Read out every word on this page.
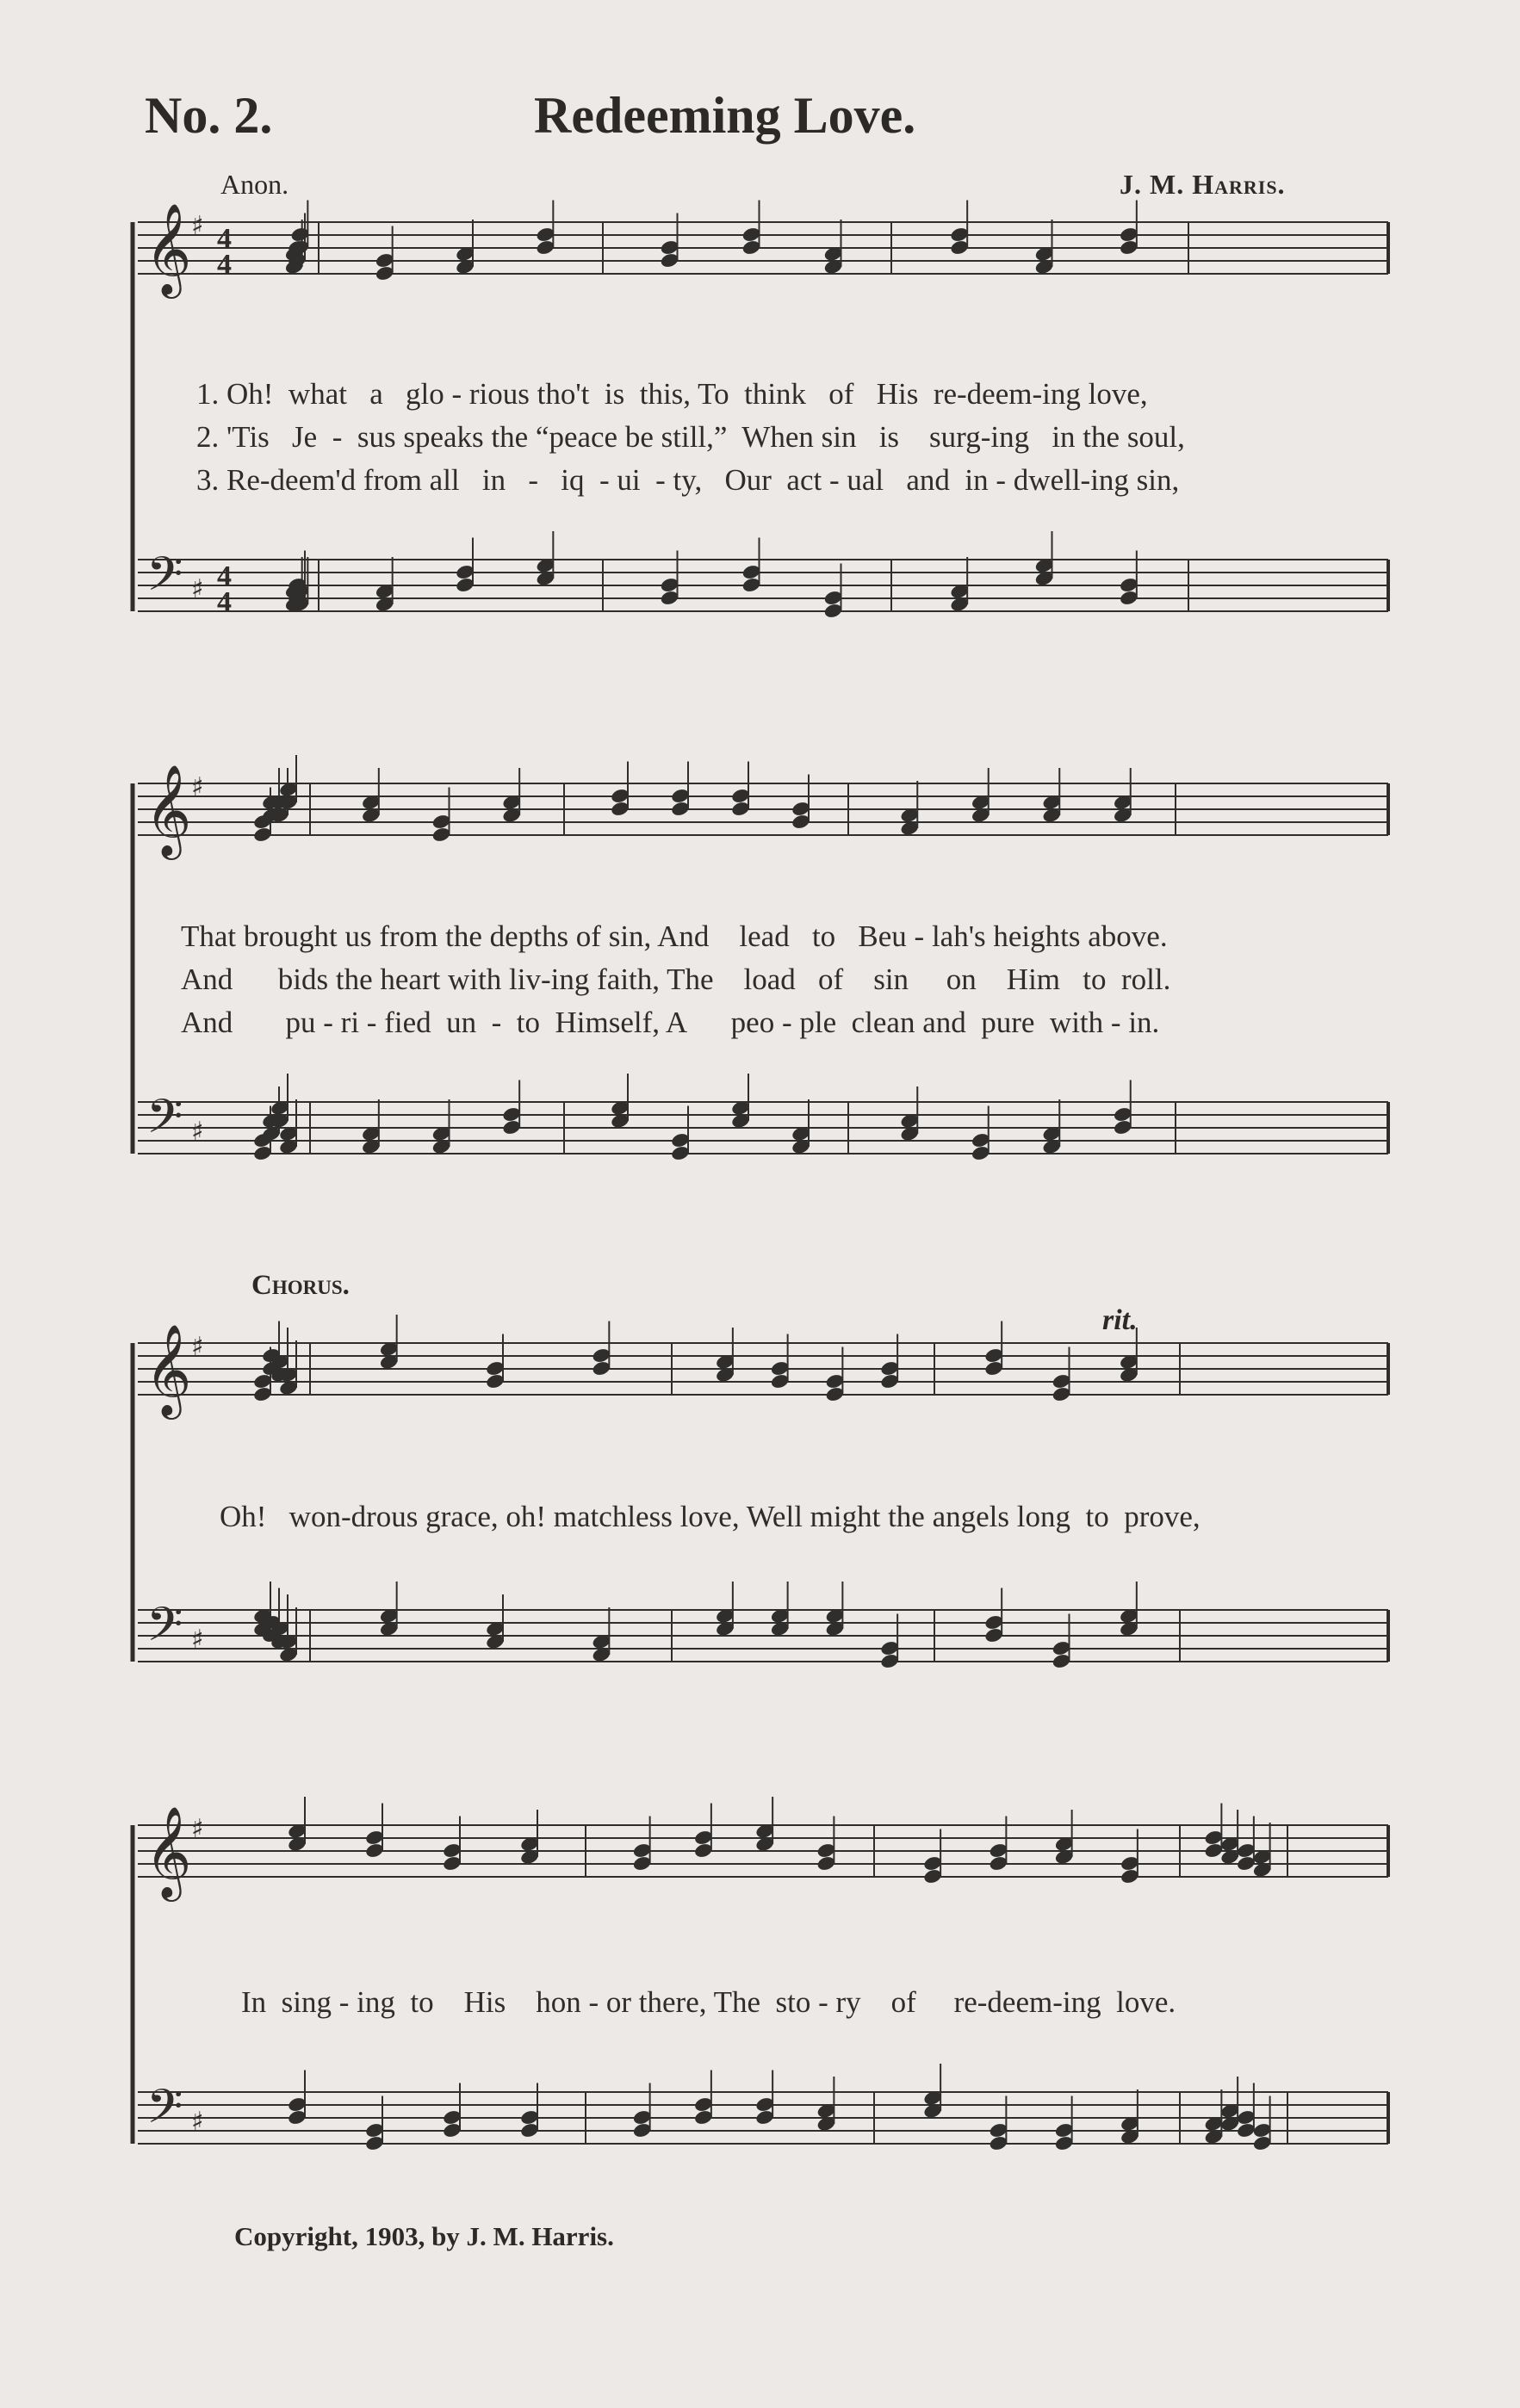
No. 2.	Redeeming Love.
Anon.	J. M. Harris.
𝄞
𝄢
♯
♯
4
4
4
4
1. Oh!  what   a   glo - rious tho't  is  this, To  think   of   His  re-deem-ing love,
2. 'Tis   Je  -  sus speaks the “peace be still,”  When sin   is    surg-ing   in the soul,
3. Re-deem'd from all   in   -   iq  - ui  - ty,   Our  act - ual   and  in - dwell-ing sin,
𝄞
𝄢
♯
♯
That brought us from the depths of sin, And    lead   to   Beu - lah's heights above.
And      bids the heart with liv-ing faith, The    load   of    sin     on    Him   to  roll.
And       pu - ri - fied  un  -  to  Himself, A      peo - ple  clean and  pure  with - in.
Chorus.
rit.
𝄞
𝄢
♯
♯
Oh!   won-drous grace, oh! matchless love, Well might the angels long  to  prove,
𝄞
𝄢
♯
♯
In  sing - ing  to    His    hon - or there, The  sto - ry    of     re-deem-ing  love.
Copyright, 1903, by J. M. Harris.
